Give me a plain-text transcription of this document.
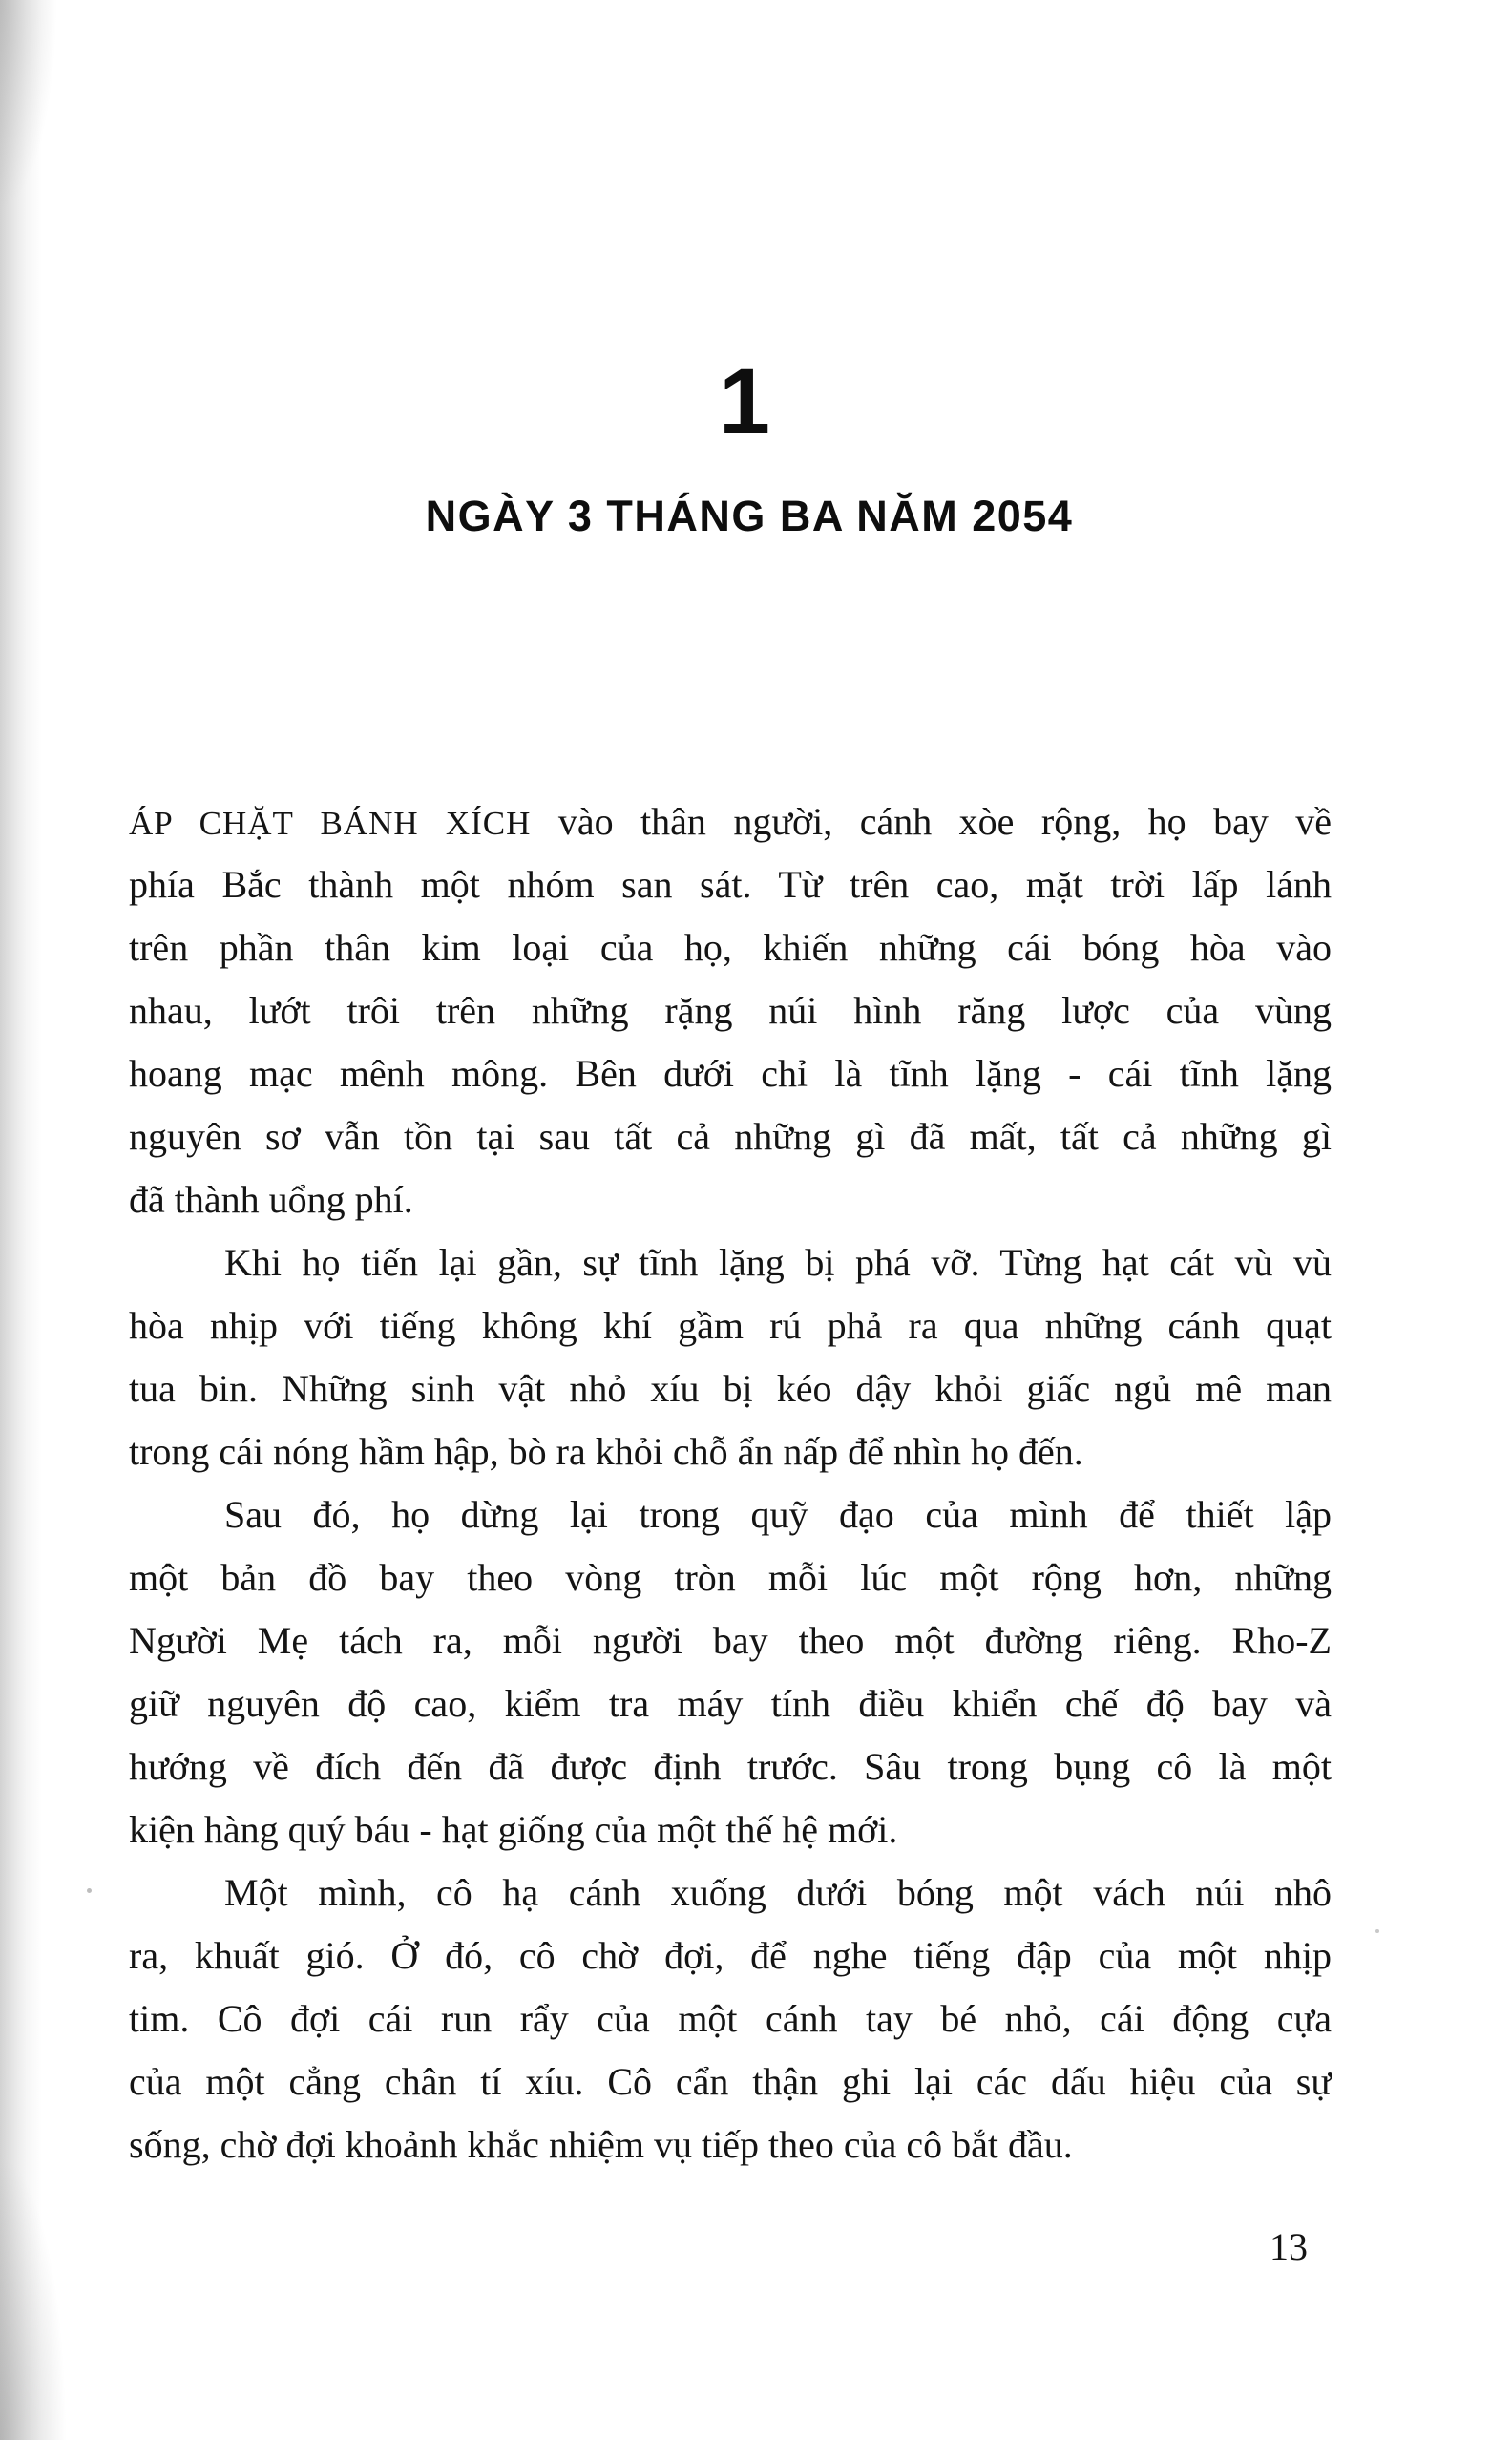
1
NGÀY 3 THÁNG BA NĂM 2054
ÁP CHẶT BÁNH XÍCH vào thân người, cánh xòe rộng, họ bay về
phía Bắc thành một nhóm san sát. Từ trên cao, mặt trời lấp lánh
trên phần thân kim loại của họ, khiến những cái bóng hòa vào
nhau, lướt trôi trên những rặng núi hình răng lược của vùng
hoang mạc mênh mông. Bên dưới chỉ là tĩnh lặng - cái tĩnh lặng
nguyên sơ vẫn tồn tại sau tất cả những gì đã mất, tất cả những gì
đã thành uổng phí.
Khi họ tiến lại gần, sự tĩnh lặng bị phá vỡ. Từng hạt cát vù vù
hòa nhịp với tiếng không khí gầm rú phả ra qua những cánh quạt
tua bin. Những sinh vật nhỏ xíu bị kéo dậy khỏi giấc ngủ mê man
trong cái nóng hầm hập, bò ra khỏi chỗ ẩn nấp để nhìn họ đến.
Sau đó, họ dừng lại trong quỹ đạo của mình để thiết lập
một bản đồ bay theo vòng tròn mỗi lúc một rộng hơn, những
Người Mẹ tách ra, mỗi người bay theo một đường riêng. Rho-Z
giữ nguyên độ cao, kiểm tra máy tính điều khiển chế độ bay và
hướng về đích đến đã được định trước. Sâu trong bụng cô là một
kiện hàng quý báu - hạt giống của một thế hệ mới.
Một mình, cô hạ cánh xuống dưới bóng một vách núi nhô
ra, khuất gió. Ở đó, cô chờ đợi, để nghe tiếng đập của một nhịp
tim. Cô đợi cái run rẩy của một cánh tay bé nhỏ, cái động cựa
của một cẳng chân tí xíu. Cô cẩn thận ghi lại các dấu hiệu của sự
sống, chờ đợi khoảnh khắc nhiệm vụ tiếp theo của cô bắt đầu.
13
